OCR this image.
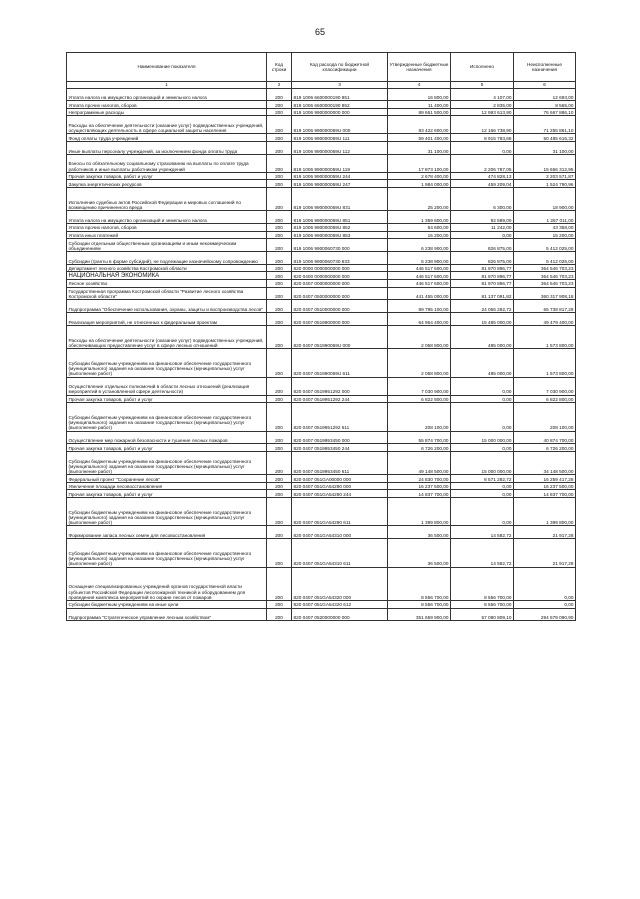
65
Наименование показателя	Код строки	Код расхода по бюджетной классификации	Утвержденные бюджетные назначения	Исполнено	Неисполненные назначения
1	2	3	4	5	6
Уплата налога на имущество организаций и земельного налога	200	819 1006 6600000190 851	16 800,00	4 107,00	12 693,00
Уплата прочих налогов, сборов	200	819 1006 6600000190 852	11 400,00	2 835,00	8 565,00
Непрограммные расходы	200	819 1006 9900000000 000	89 661 500,00	12 993 613,90	76 667 886,10
Расходы на обеспечение деятельности (оказание услуг) подведомственных учреждений, осуществляющих деятельность в сфере социальной защиты населения	200	819 1006 990000059U 000	83 422 600,00	12 166 738,90	71 255 861,10
Фонд оплаты труда учреждений	200	819 1006 990000059U 111	59 401 400,00	8 915 783,68	50 485 616,32
Иные выплаты персоналу учреждений, за исключением фонда оплаты труда	200	819 1006 990000059U 112	31 100,00	0,00	31 100,00
Взносы по обязательному социальному страхованию на выплаты по оплате труда работников и иные выплаты работникам учреждений	200	819 1006 990000059U 119	17 873 100,00	2 206 787,05	15 666 312,95
Прочая закупка товаров, работ и услуг	200	819 1006 990000059U 244	2 678 400,00	474 828,13	2 203 571,87
Закупка энергетических ресурсов	200	819 1006 990000059U 247	1 984 000,00	459 209,04	1 524 790,96
Исполнение судебных актов Российской Федерации и мировых соглашений по возмещению причиненного вреда	200	819 1006 990000059U 831	25 200,00	6 300,00	18 900,00
Уплата налога на имущество организаций и земельного налога	200	819 1006 990000059U 851	1 359 600,00	92 589,00	1 267 011,00
Уплата прочих налогов, сборов	200	819 1006 990000059U 852	54 600,00	11 242,00	43 358,00
Уплата иных платежей	200	819 1006 990000059U 853	15 200,00	0,00	15 200,00
Субсидии отдельным общественным организациям и иным некоммерческим объединениям	200	819 1006 9900060730 000	6 238 900,00	826 875,00	5 412 025,00
Субсидии (гранты в форме субсидий), не подлежащие казначейскому сопровождению	200	819 1006 9900060730 633	6 238 900,00	826 875,00	5 412 025,00
Департамент лесного хозяйства Костромской области	200	820 0000 0000000000 000	446 517 600,00	81 970 896,77	364 546 703,23
НАЦИОНАЛЬНАЯ ЭКОНОМИКА	200	820 0400 0000000000 000	446 517 600,00	81 970 896,77	364 546 703,23
Лесное хозяйство	200	820 0407 0000000000 000	446 517 600,00	81 970 896,77	364 546 703,23
Государственная программа Костромской области "Развитие лесного хозяйства Костромской области"	200	820 0407 0500000000 000	441 455 000,00	81 137 091,82	360 317 908,18
Подпрограмма "Обеспечение использования, охраны, защиты и воспроизводства лесов"	200	820 0407 0510000000 000	89 795 100,00	24 056 282,72	65 738 817,28
Реализация мероприятий, не отнесенных к федеральным проектам	200	820 0407 0519900000 000	64 964 400,00	15 485 000,00	49 479 400,00
Расходы на обеспечение деятельности (оказание услуг) подведомственных учреждений, обеспечивающих предоставление услуг в сфере лесных отношений	200	820 0407 051990059U 000	2 058 800,00	485 000,00	1 573 800,00
Субсидии бюджетным учреждениям на финансовое обеспечение государственного (муниципального) задания на оказание государственных (муниципальных) услуг (выполнение работ)	200	820 0407 051990059U 611	2 058 800,00	485 000,00	1 573 800,00
Осуществление отдельных полномочий в области лесных отношений (реализация мероприятий в установленной сфере деятельности)	200	820 0407 0519951292 000	7 030 900,00	0,00	7 030 900,00
Прочая закупка товаров, работ и услуг	200	820 0407 0519951292 244	6 822 800,00	0,00	6 822 800,00
Субсидии бюджетным учреждениям на финансовое обеспечение государственного (муниципального) задания на оказание государственных (муниципальных) услуг (выполнение работ)	200	820 0407 0519951292 611	208 100,00	0,00	208 100,00
Осуществление мер пожарной безопасности и тушение лесных пожаров	200	820 0407 0519953450 000	55 874 700,00	15 000 000,00	40 874 700,00
Прочая закупка товаров, работ и услуг	200	820 0407 0519953450 244	6 726 200,00	0,00	6 726 200,00
Субсидии бюджетным учреждениям на финансовое обеспечение государственного (муниципального) задания на оказание государственных (муниципальных) услуг (выполнение работ)	200	820 0407 0519953450 611	49 148 500,00	15 000 000,00	34 148 500,00
Федеральный проект "Сохранение лесов"	200	820 0407 051GA00000 000	24 830 700,00	8 571 282,72	16 259 417,28
Увеличение площади лесовосстановления	200	820 0407 051GA54290 000	16 237 500,00	0,00	16 237 500,00
Прочая закупка товаров, работ и услуг	200	820 0407 051GA54290 244	14 837 700,00	0,00	14 837 700,00
Субсидии бюджетным учреждениям на финансовое обеспечение государственного (муниципального) задания на оказание государственных (муниципальных) услуг (выполнение работ)	200	820 0407 051GA54290 611	1 399 800,00	0,00	1 399 800,00
Формирование запаса лесных семян для лесовосстановления	200	820 0407 051GA54310 000	36 500,00	14 582,72	21 917,28
Субсидии бюджетным учреждениям на финансовое обеспечение государственного (муниципального) задания на оказание государственных (муниципальных) услуг (выполнение работ)	200	820 0407 051GA54310 611	36 500,00	14 582,72	21 917,28
Оснащение специализированных учреждений органов государственной власти субъектов Российской Федерации лесопожарной техникой и оборудованием для проведения комплекса мероприятий по охране лесов от пожаров	200	820 0407 051GA54320 000	8 556 700,00	8 556 700,00	0,00
Субсидии бюджетным учреждениям на иные цели	200	820 0407 051GA54320 612	8 556 700,00	8 556 700,00	0,00
Подпрограмма "Стратегическое управление лесным хозяйством"	200	820 0407 0520000000 000	351 659 900,00	57 080 809,10	294 579 090,90
